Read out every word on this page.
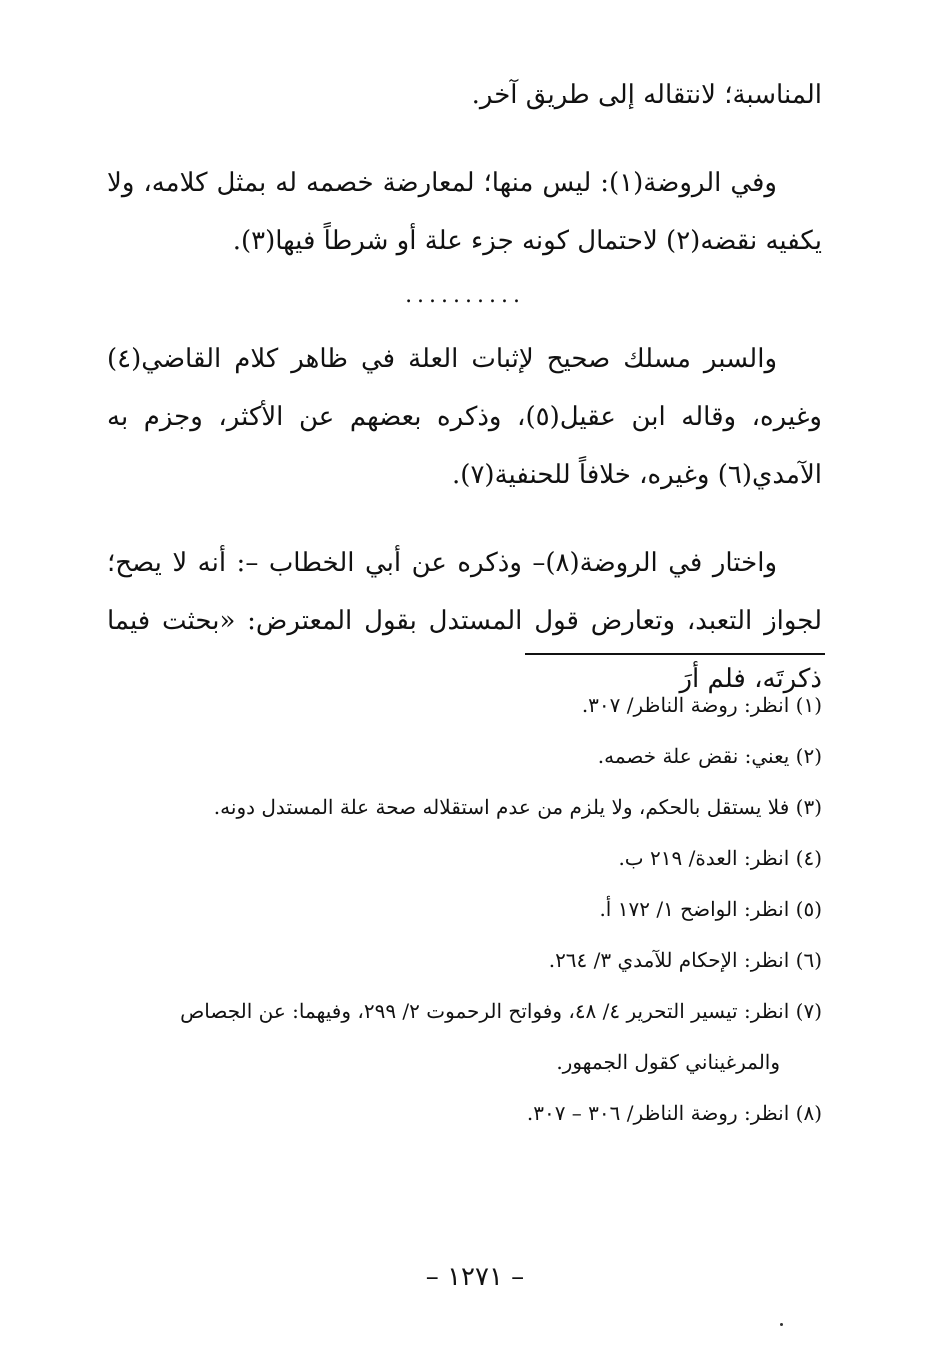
المناسبة؛ لانتقاله إلى طريق آخر.

وفي الروضة(١): ليس منها؛ لمعارضة خصمه له بمثل كلامه، ولا يكفيه نقضه(٢) لاحتمال كونه جزء علة أو شرطاً فيها(٣).

..........

والسبر مسلك صحيح لإثبات العلة في ظاهر كلام القاضي(٤) وغيره، وقاله ابن عقيل(٥)، وذكره بعضهم عن الأكثر، وجزم به الآمدي(٦) وغيره، خلافاً للحنفية(٧).

واختار في الروضة(٨)– وذكره عن أبي الخطاب –: أنه لا يصح؛ لجواز التعبد، وتعارض قول المستدل بقول المعترض: «بحثت فيما ذكرتَه، فلم أرَ

(١) انظر: روضة الناظر/ ٣٠٧.

(٢) يعني: نقض علة خصمه.

(٣) فلا يستقل بالحكم، ولا يلزم من عدم استقلاله صحة علة المستدل دونه.

(٤) انظر: العدة/ ٢١٩ ب.

(٥) انظر: الواضح ١/ ١٧٢ أ.

(٦) انظر: الإحكام للآمدي ٣/ ٢٦٤.

(٧) انظر: تيسير التحرير ٤/ ٤٨، وفواتح الرحموت ٢/ ٢٩٩، وفيهما: عن الجصاص

والمرغيناني كقول الجمهور.

(٨) انظر: روضة الناظر/ ٣٠٦ – ٣٠٧.

– ١٢٧١ –
